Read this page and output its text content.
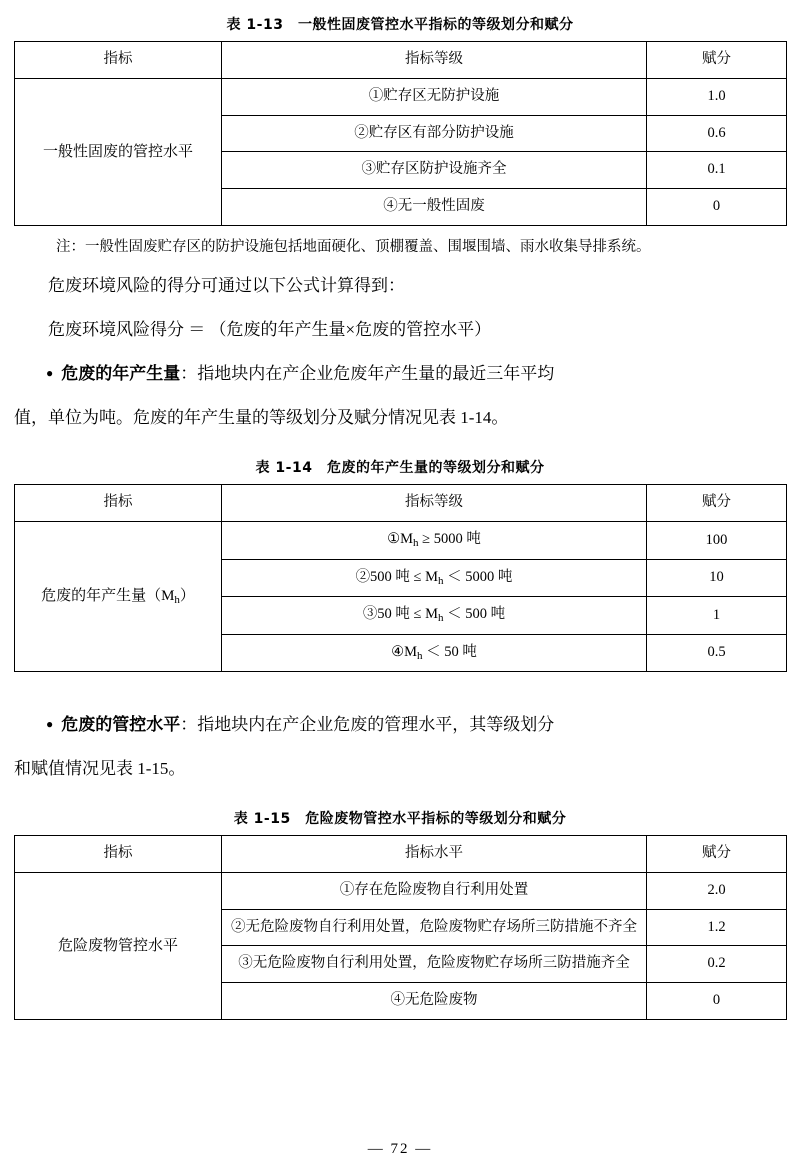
表 1-13　一般性固废管控水平指标的等级划分和赋分
指标	指标等级	赋分
一般性固废的管控水平	①贮存区无防护设施	1.0
	②贮存区有部分防护设施	0.6
	③贮存区防护设施齐全	0.1
	④无一般性固废	0
注：一般性固废贮存区的防护设施包括地面硬化、顶棚覆盖、围堰围墙、雨水收集导排系统。

危废环境风险的得分可通过以下公式计算得到：

危废环境风险得分 ＝ （危废的年产生量×危废的管控水平）

● 危废的年产生量：指地块内在产企业危废年产生量的最近三年平均

值，单位为吨。危废的年产生量的等级划分及赋分情况见表 1-14。

表 1-14　危废的年产生量的等级划分和赋分
指标	指标等级	赋分
危废的年产生量$(M_h)$	$①M_h \ge 5000$ 吨	100
	②500 吨 ≤ $M_h < 5000$ 吨	10
	③50 吨 ≤ $M_h < 500$ 吨	1
	$④M_h < 50$ 吨	0.5

● 危废的管控水平：指地块内在产企业危废的管理水平，其等级划分

和赋值情况见表 1-15。

表 1-15　危险废物管控水平指标的等级划分和赋分
指标	指标水平	赋分
危险废物管控水平	①存在危险废物自行利用处置	2.0
	②无危险废物自行利用处置，危险废物贮存场所三防措施不齐全	1.2
	③无危险废物自行利用处置，危险废物贮存场所三防措施齐全	0.2
	④无危险废物	0
— 72 —
